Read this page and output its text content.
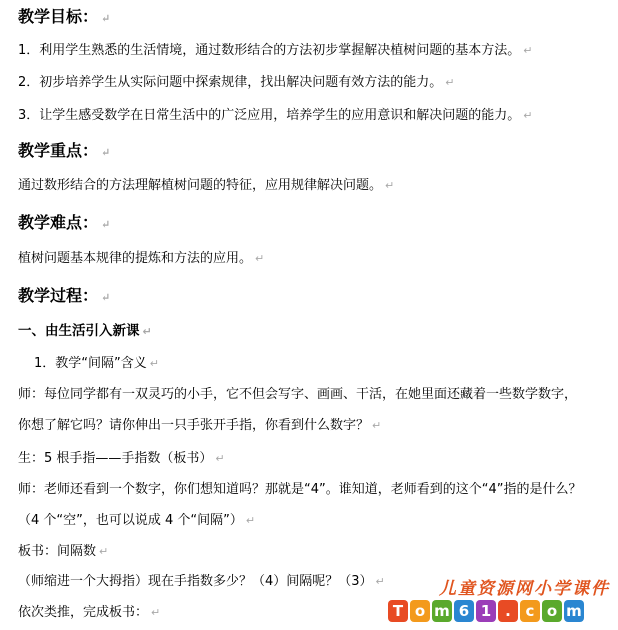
教学目标： ↵
1．利用学生熟悉的生活情境，通过数形结合的方法初步掌握解决植树问题的基本方法。 ↵
2．初步培养学生从实际问题中探索规律，找出解决问题有效方法的能力。 ↵
3．让学生感受数学在日常生活中的广泛应用，培养学生的应用意识和解决问题的能力。 ↵
教学重点： ↵
通过数形结合的方法理解植树问题的特征，应用规律解决问题。 ↵
教学难点： ↵
植树问题基本规律的提炼和方法的应用。 ↵
教学过程： ↵
一、由生活引入新课 ↵
1．教学“间隔”含义 ↵
师：每位同学都有一双灵巧的小手，它不但会写字、画画、干活，在她里面还藏着一些数学数字，
你想了解它吗？请你伸出一只手张开手指，你看到什么数字？ ↵
生：5 根手指——手指数（板书） ↵
师：老师还看到一个数字，你们想知道吗？那就是“4”。谁知道，老师看到的这个“4”指的是什么？
（4 个“空”，也可以说成 4 个“间隔”） ↵
板书：间隔数 ↵
（师缩进一个大拇指）现在手指数多少？（4）间隔呢？（3） ↵
依次类推，完成板书： ↵
儿童资源网小学课件
T o m 6 1 . c o m
